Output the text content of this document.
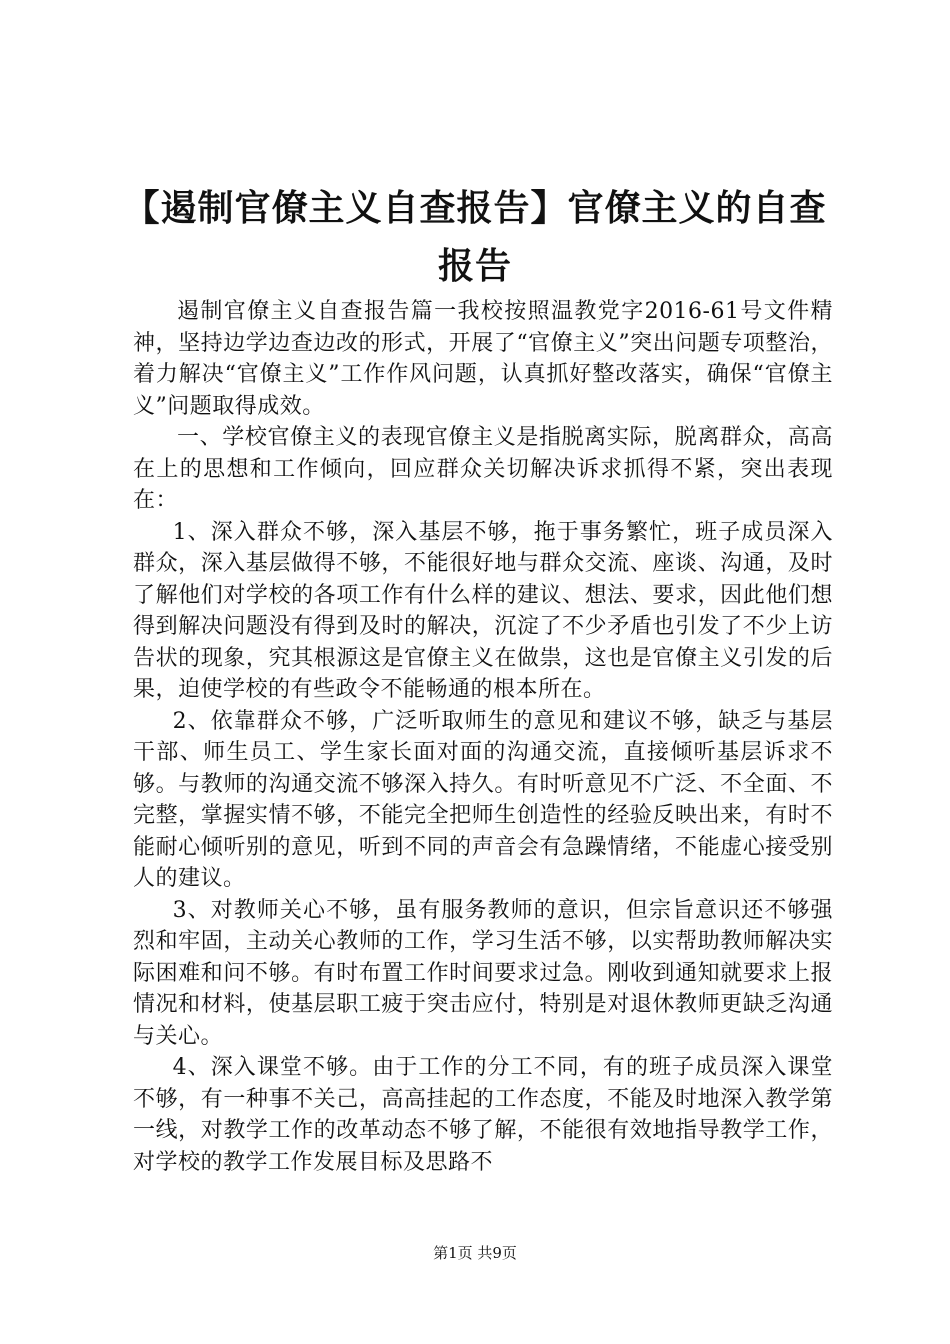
【遏制官僚主义自查报告】官僚主义的自查报告

遏制官僚主义自查报告篇一我校按照温教党字2016-61号文件精神，坚持边学边查边改的形式，开展了“官僚主义”突出问题专项整治，着力解决“官僚主义”工作作风问题，认真抓好整改落实，确保“官僚主义”问题取得成效。

一、学校官僚主义的表现官僚主义是指脱离实际，脱离群众，高高在上的思想和工作倾向，回应群众关切解决诉求抓得不紧，突出表现在：

1、深入群众不够，深入基层不够，拖于事务繁忙，班子成员深入群众，深入基层做得不够，不能很好地与群众交流、座谈、沟通，及时了解他们对学校的各项工作有什么样的建议、想法、要求，因此他们想得到解决问题没有得到及时的解决，沉淀了不少矛盾也引发了不少上访告状的现象，究其根源这是官僚主义在做祟，这也是官僚主义引发的后果，迫使学校的有些政令不能畅通的根本所在。

2、依靠群众不够，广泛听取师生的意见和建议不够，缺乏与基层干部、师生员工、学生家长面对面的沟通交流，直接倾听基层诉求不够。与教师的沟通交流不够深入持久。有时听意见不广泛、不全面、不完整，掌握实情不够，不能完全把师生创造性的经验反映出来，有时不能耐心倾听别的意见，听到不同的声音会有急躁情绪，不能虚心接受别人的建议。

3、对教师关心不够，虽有服务教师的意识，但宗旨意识还不够强烈和牢固，主动关心教师的工作，学习生活不够，以实帮助教师解决实际困难和问不够。有时布置工作时间要求过急。刚收到通知就要求上报情况和材料，使基层职工疲于突击应付，特别是对退休教师更缺乏沟通与关心。

4、深入课堂不够。由于工作的分工不同，有的班子成员深入课堂不够，有一种事不关己，高高挂起的工作态度，不能及时地深入教学第一线，对教学工作的改革动态不够了解，不能很有效地指导教学工作，对学校的教学工作发展目标及思路不

第1页 共9页
